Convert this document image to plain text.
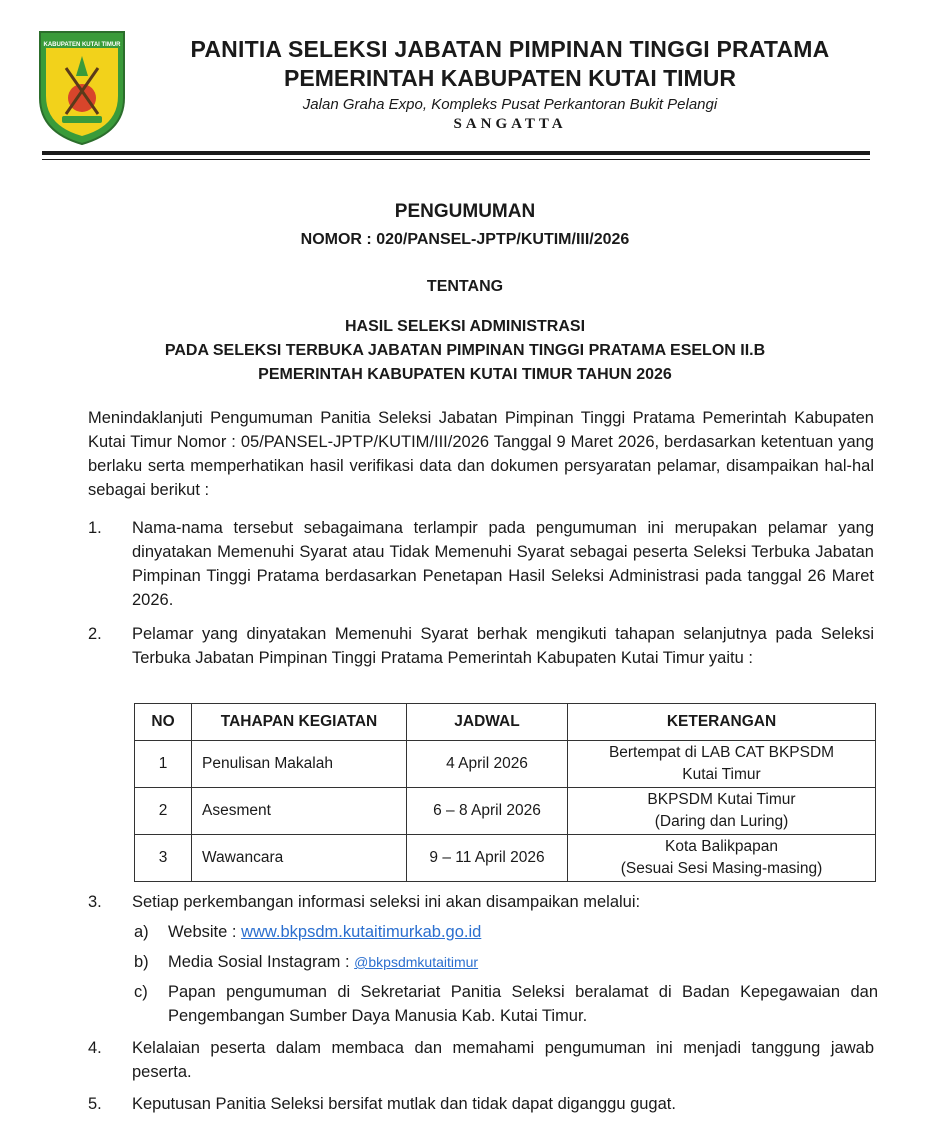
KABUPATEN KUTAI TIMUR	PANITIA SELEKSI JABATAN PIMPINAN TINGGI PRATAMA
PEMERINTAH KABUPATEN KUTAI TIMUR
Jalan Graha Expo, Kompleks Pusat Perkantoran Bukit Pelangi
SANGATTA
PENGUMUMAN
NOMOR : 020/PANSEL-JPTP/KUTIM/III/2026
TENTANG
HASIL SELEKSI ADMINISTRASI
PADA SELEKSI TERBUKA JABATAN PIMPINAN TINGGI PRATAMA ESELON II.B
PEMERINTAH KABUPATEN KUTAI TIMUR TAHUN 2026
Menindaklanjuti Pengumuman Panitia Seleksi Jabatan Pimpinan Tinggi Pratama Pemerintah Kabupaten Kutai Timur Nomor : 05/PANSEL-JPTP/KUTIM/III/2026 Tanggal 9 Maret 2026, berdasarkan ketentuan yang berlaku serta memperhatikan hasil verifikasi data dan dokumen persyaratan pelamar, disampaikan hal-hal sebagai berikut :
1.	Nama-nama tersebut sebagaimana terlampir pada pengumuman ini merupakan pelamar yang dinyatakan Memenuhi Syarat atau Tidak Memenuhi Syarat sebagai peserta Seleksi Terbuka Jabatan Pimpinan Tinggi Pratama berdasarkan Penetapan Hasil Seleksi Administrasi pada tanggal 26 Maret 2026.
2.	Pelamar yang dinyatakan Memenuhi Syarat berhak mengikuti tahapan selanjutnya pada Seleksi Terbuka Jabatan Pimpinan Tinggi Pratama Pemerintah Kabupaten Kutai Timur yaitu :
NO	TAHAPAN KEGIATAN	JADWAL	KETERANGAN
1	Penulisan Makalah	4 April 2026	Bertempat di LAB CAT BKPSDM
Kutai Timur

2	Asesment	6 – 8 April 2026	BKPSDM Kutai Timur
(Daring dan Luring)

3	Wawancara	9 – 11 April 2026	Kota Balikpapan
(Sesuai Sesi Masing-masing)
3.	Setiap perkembangan informasi seleksi ini akan disampaikan melalui:
a) Website : www.bkpsdm.kutaitimurkab.go.id
b) Media Sosial Instagram : @bkpsdmkutaitimur
c) Papan pengumuman di Sekretariat Panitia Seleksi beralamat di Badan Kepegawaian dan Pengembangan Sumber Daya Manusia Kab. Kutai Timur.
4.	Kelalaian peserta dalam membaca dan memahami pengumuman ini menjadi tanggung jawab peserta.
5.	Keputusan Panitia Seleksi bersifat mutlak dan tidak dapat diganggu gugat.
